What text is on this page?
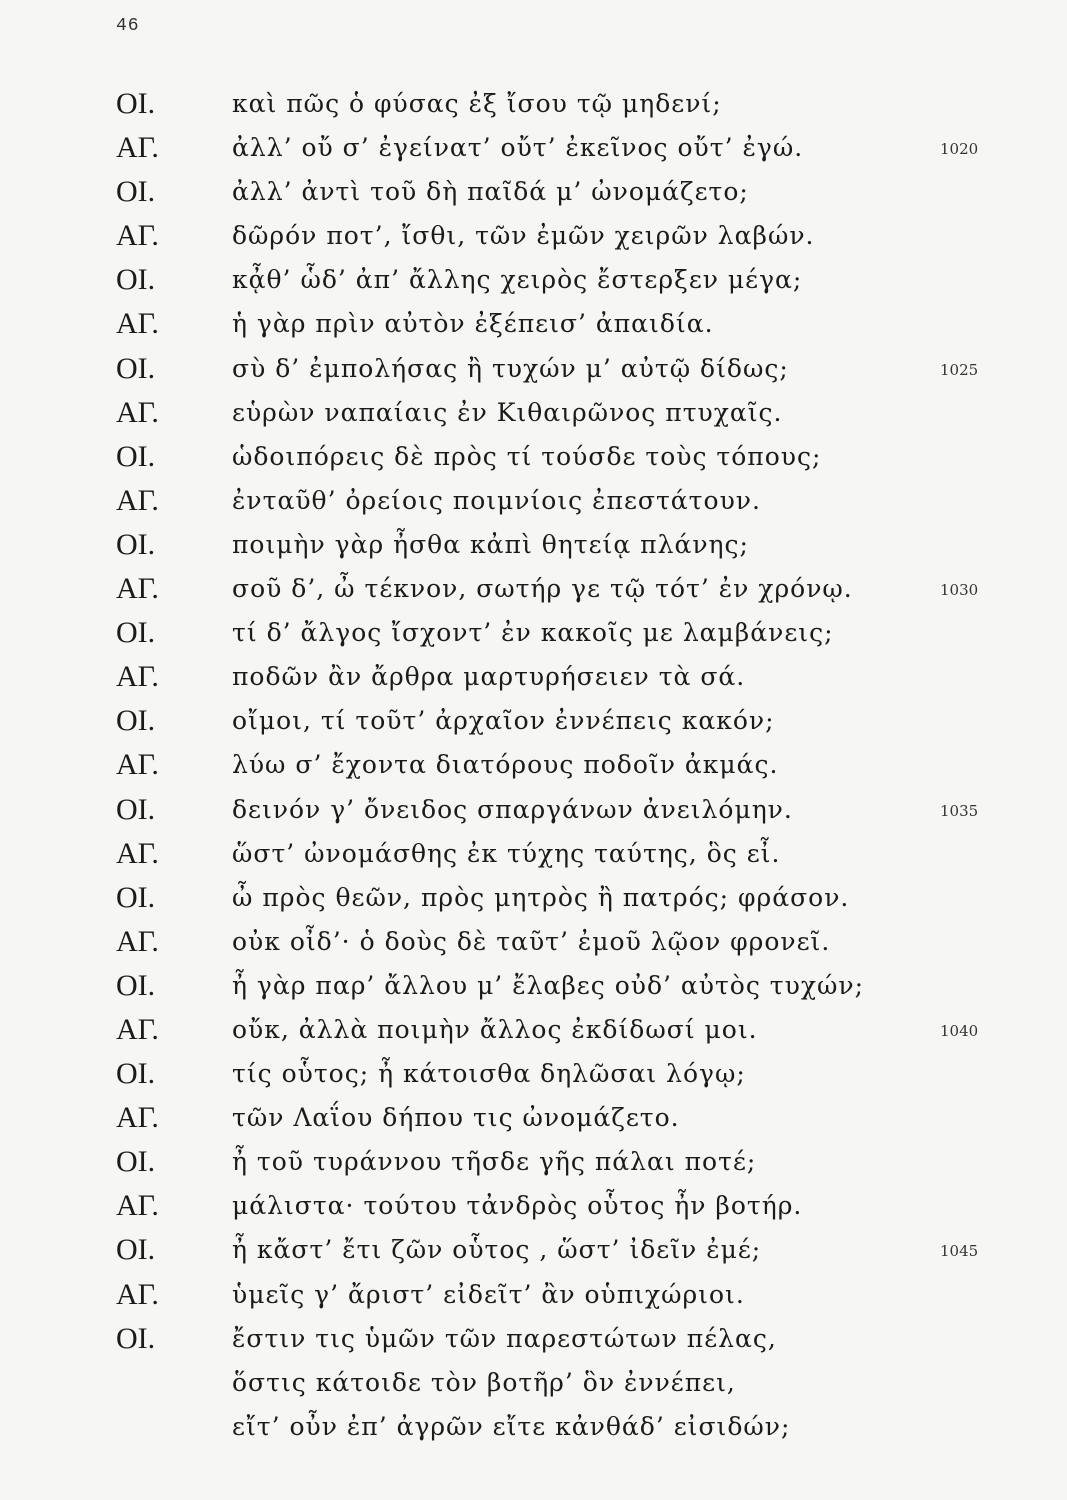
46
ΟΙ.	καὶ πῶς ὁ φύσας ἐξ ἴσου τῷ μηδενί;
ΑΓ.	ἀλλ’ οὔ σ’ ἐγείνατ’ οὔτ’ ἐκεῖνος οὔτ’ ἐγώ.	1020
ΟΙ.	ἀλλ’ ἀντὶ τοῦ δὴ παῖδά μ’ ὠνομάζετο;
ΑΓ.	δῶρόν ποτ’, ἴσθι, τῶν ἐμῶν χειρῶν λαβών.
ΟΙ.	κᾆθ’ ὧδ’ ἀπ’ ἄλλης χειρὸς ἔστερξεν μέγα;
ΑΓ.	ἡ γὰρ πρὶν αὐτὸν ἐξέπεισ’ ἀπαιδία.
ΟΙ.	σὺ δ’ ἐμπολήσας ἢ τυχών μ’ αὐτῷ δίδως;	1025
ΑΓ.	εὑρὼν ναπαίαις ἐν Κιθαιρῶνος πτυχαῖς.
ΟΙ.	ὡδοιπόρεις δὲ πρὸς τί τούσδε τοὺς τόπους;
ΑΓ.	ἐνταῦθ’ ὀρείοις ποιμνίοις ἐπεστάτουν.
ΟΙ.	ποιμὴν γὰρ ἦσθα κἀπὶ θητείᾳ πλάνης;
ΑΓ.	σοῦ δ’, ὦ τέκνον, σωτήρ γε τῷ τότ’ ἐν χρόνῳ.	1030
ΟΙ.	τί δ’ ἄλγος ἴσχοντ’ ἐν κακοῖς με λαμβάνεις;
ΑΓ.	ποδῶν ἂν ἄρθρα μαρτυρήσειεν τὰ σά.
ΟΙ.	οἴμοι, τί τοῦτ’ ἀρχαῖον ἐννέπεις κακόν;
ΑΓ.	λύω σ’ ἔχοντα διατόρους ποδοῖν ἀκμάς.
ΟΙ.	δεινόν γ’ ὄνειδος σπαργάνων ἀνειλόμην.	1035
ΑΓ.	ὥστ’ ὠνομάσθης ἐκ τύχης ταύτης, ὃς εἶ.
ΟΙ.	ὦ πρὸς θεῶν, πρὸς μητρὸς ἢ πατρός; φράσον.
ΑΓ.	οὐκ οἶδ’· ὁ δοὺς δὲ ταῦτ’ ἐμοῦ λῷον φρονεῖ.
ΟΙ.	ἦ γὰρ παρ’ ἄλλου μ’ ἔλαβες οὐδ’ αὐτὸς τυχών;
ΑΓ.	οὔκ, ἀλλὰ ποιμὴν ἄλλος ἐκδίδωσί μοι.	1040
ΟΙ.	τίς οὗτος; ἦ κάτοισθα δηλῶσαι λόγῳ;
ΑΓ.	τῶν Λαΐου δήπου τις ὠνομάζετο.
ΟΙ.	ἦ τοῦ τυράννου τῆσδε γῆς πάλαι ποτέ;
ΑΓ.	μάλιστα· τούτου τἀνδρὸς οὗτος ἦν βοτήρ.
ΟΙ.	ἦ κἄστ’ ἔτι ζῶν οὗτος , ὥστ’ ἰδεῖν ἐμέ;	1045
ΑΓ.	ὑμεῖς γ’ ἄριστ’ εἰδεῖτ’ ἂν οὑπιχώριοι.
ΟΙ.	ἔστιν τις ὑμῶν τῶν παρεστώτων πέλας,
ὅστις κάτοιδε τὸν βοτῆρ’ ὃν ἐννέπει,
εἴτ’ οὖν ἐπ’ ἀγρῶν εἴτε κἀνθάδ’ εἰσιδών;
